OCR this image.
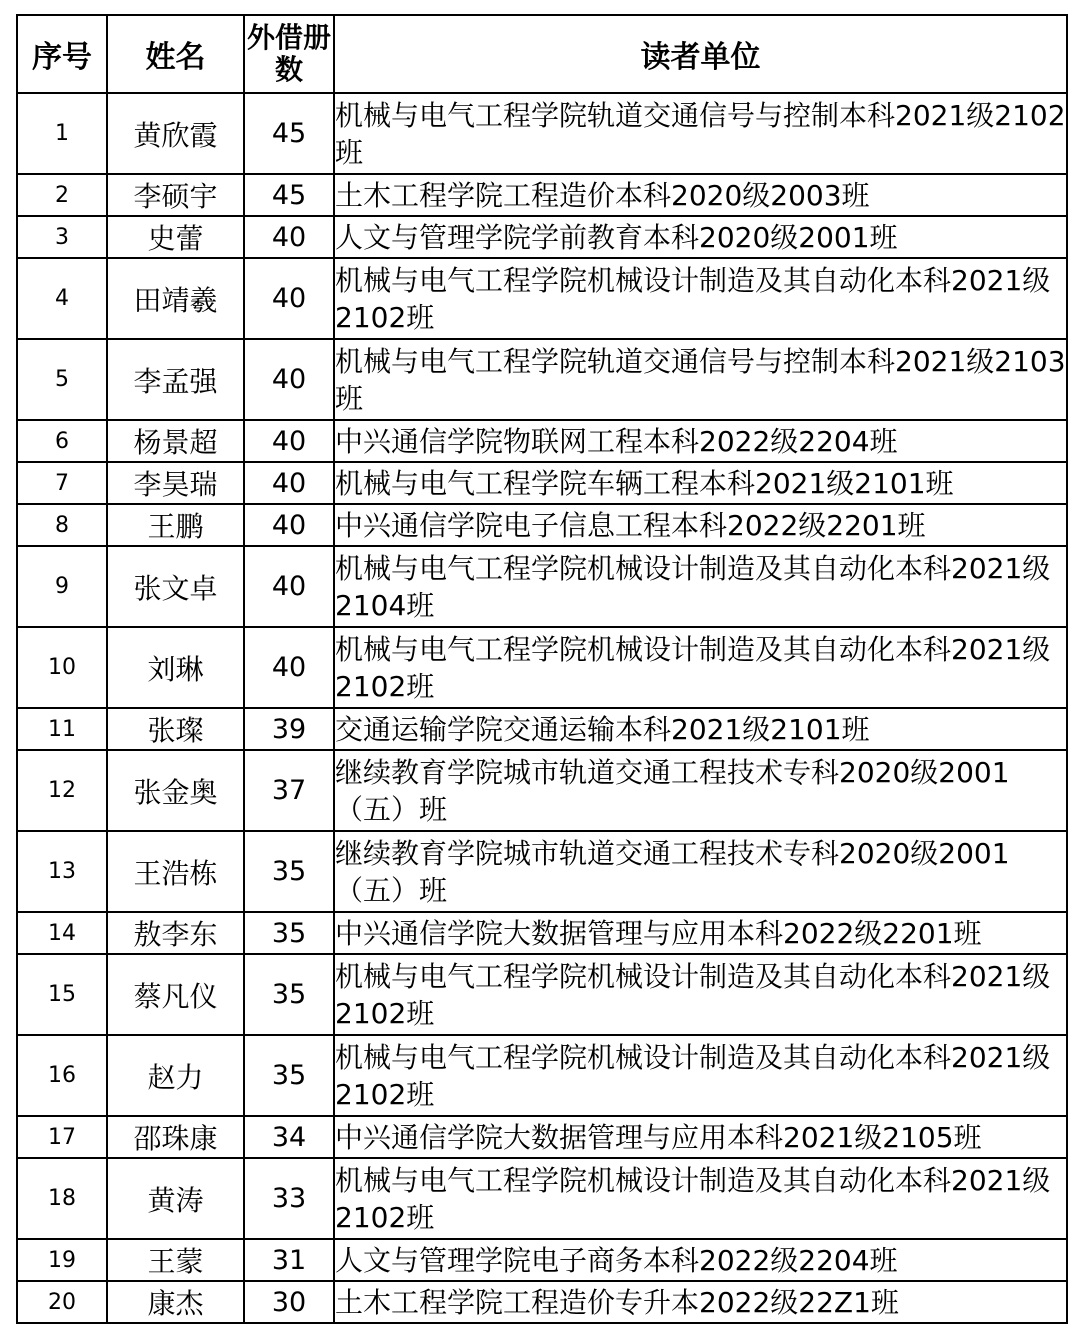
序号	姓名	外借册数	读者单位
1	黄欣霞	45	机械与电气工程学院轨道交通信号与控制本科2021级2102班
2	李硕宇	45	土木工程学院工程造价本科2020级2003班
3	史蕾	40	人文与管理学院学前教育本科2020级2001班
4	田靖羲	40	机械与电气工程学院机械设计制造及其自动化本科2021级2102班
5	李孟强	40	机械与电气工程学院轨道交通信号与控制本科2021级2103班
6	杨景超	40	中兴通信学院物联网工程本科2022级2204班
7	李昊瑞	40	机械与电气工程学院车辆工程本科2021级2101班
8	王鹏	40	中兴通信学院电子信息工程本科2022级2201班
9	张文卓	40	机械与电气工程学院机械设计制造及其自动化本科2021级2104班
10	刘琳	40	机械与电气工程学院机械设计制造及其自动化本科2021级2102班
11	张璨	39	交通运输学院交通运输本科2021级2101班
12	张金奥	37	继续教育学院城市轨道交通工程技术专科2020级2001（五）班
13	王浩栋	35	继续教育学院城市轨道交通工程技术专科2020级2001（五）班
14	敖李东	35	中兴通信学院大数据管理与应用本科2022级2201班
15	蔡凡仪	35	机械与电气工程学院机械设计制造及其自动化本科2021级2102班
16	赵力	35	机械与电气工程学院机械设计制造及其自动化本科2021级2102班
17	邵珠康	34	中兴通信学院大数据管理与应用本科2021级2105班
18	黄涛	33	机械与电气工程学院机械设计制造及其自动化本科2021级2102班
19	王蒙	31	人文与管理学院电子商务本科2022级2204班
20	康杰	30	土木工程学院工程造价专升本2022级22Z1班
